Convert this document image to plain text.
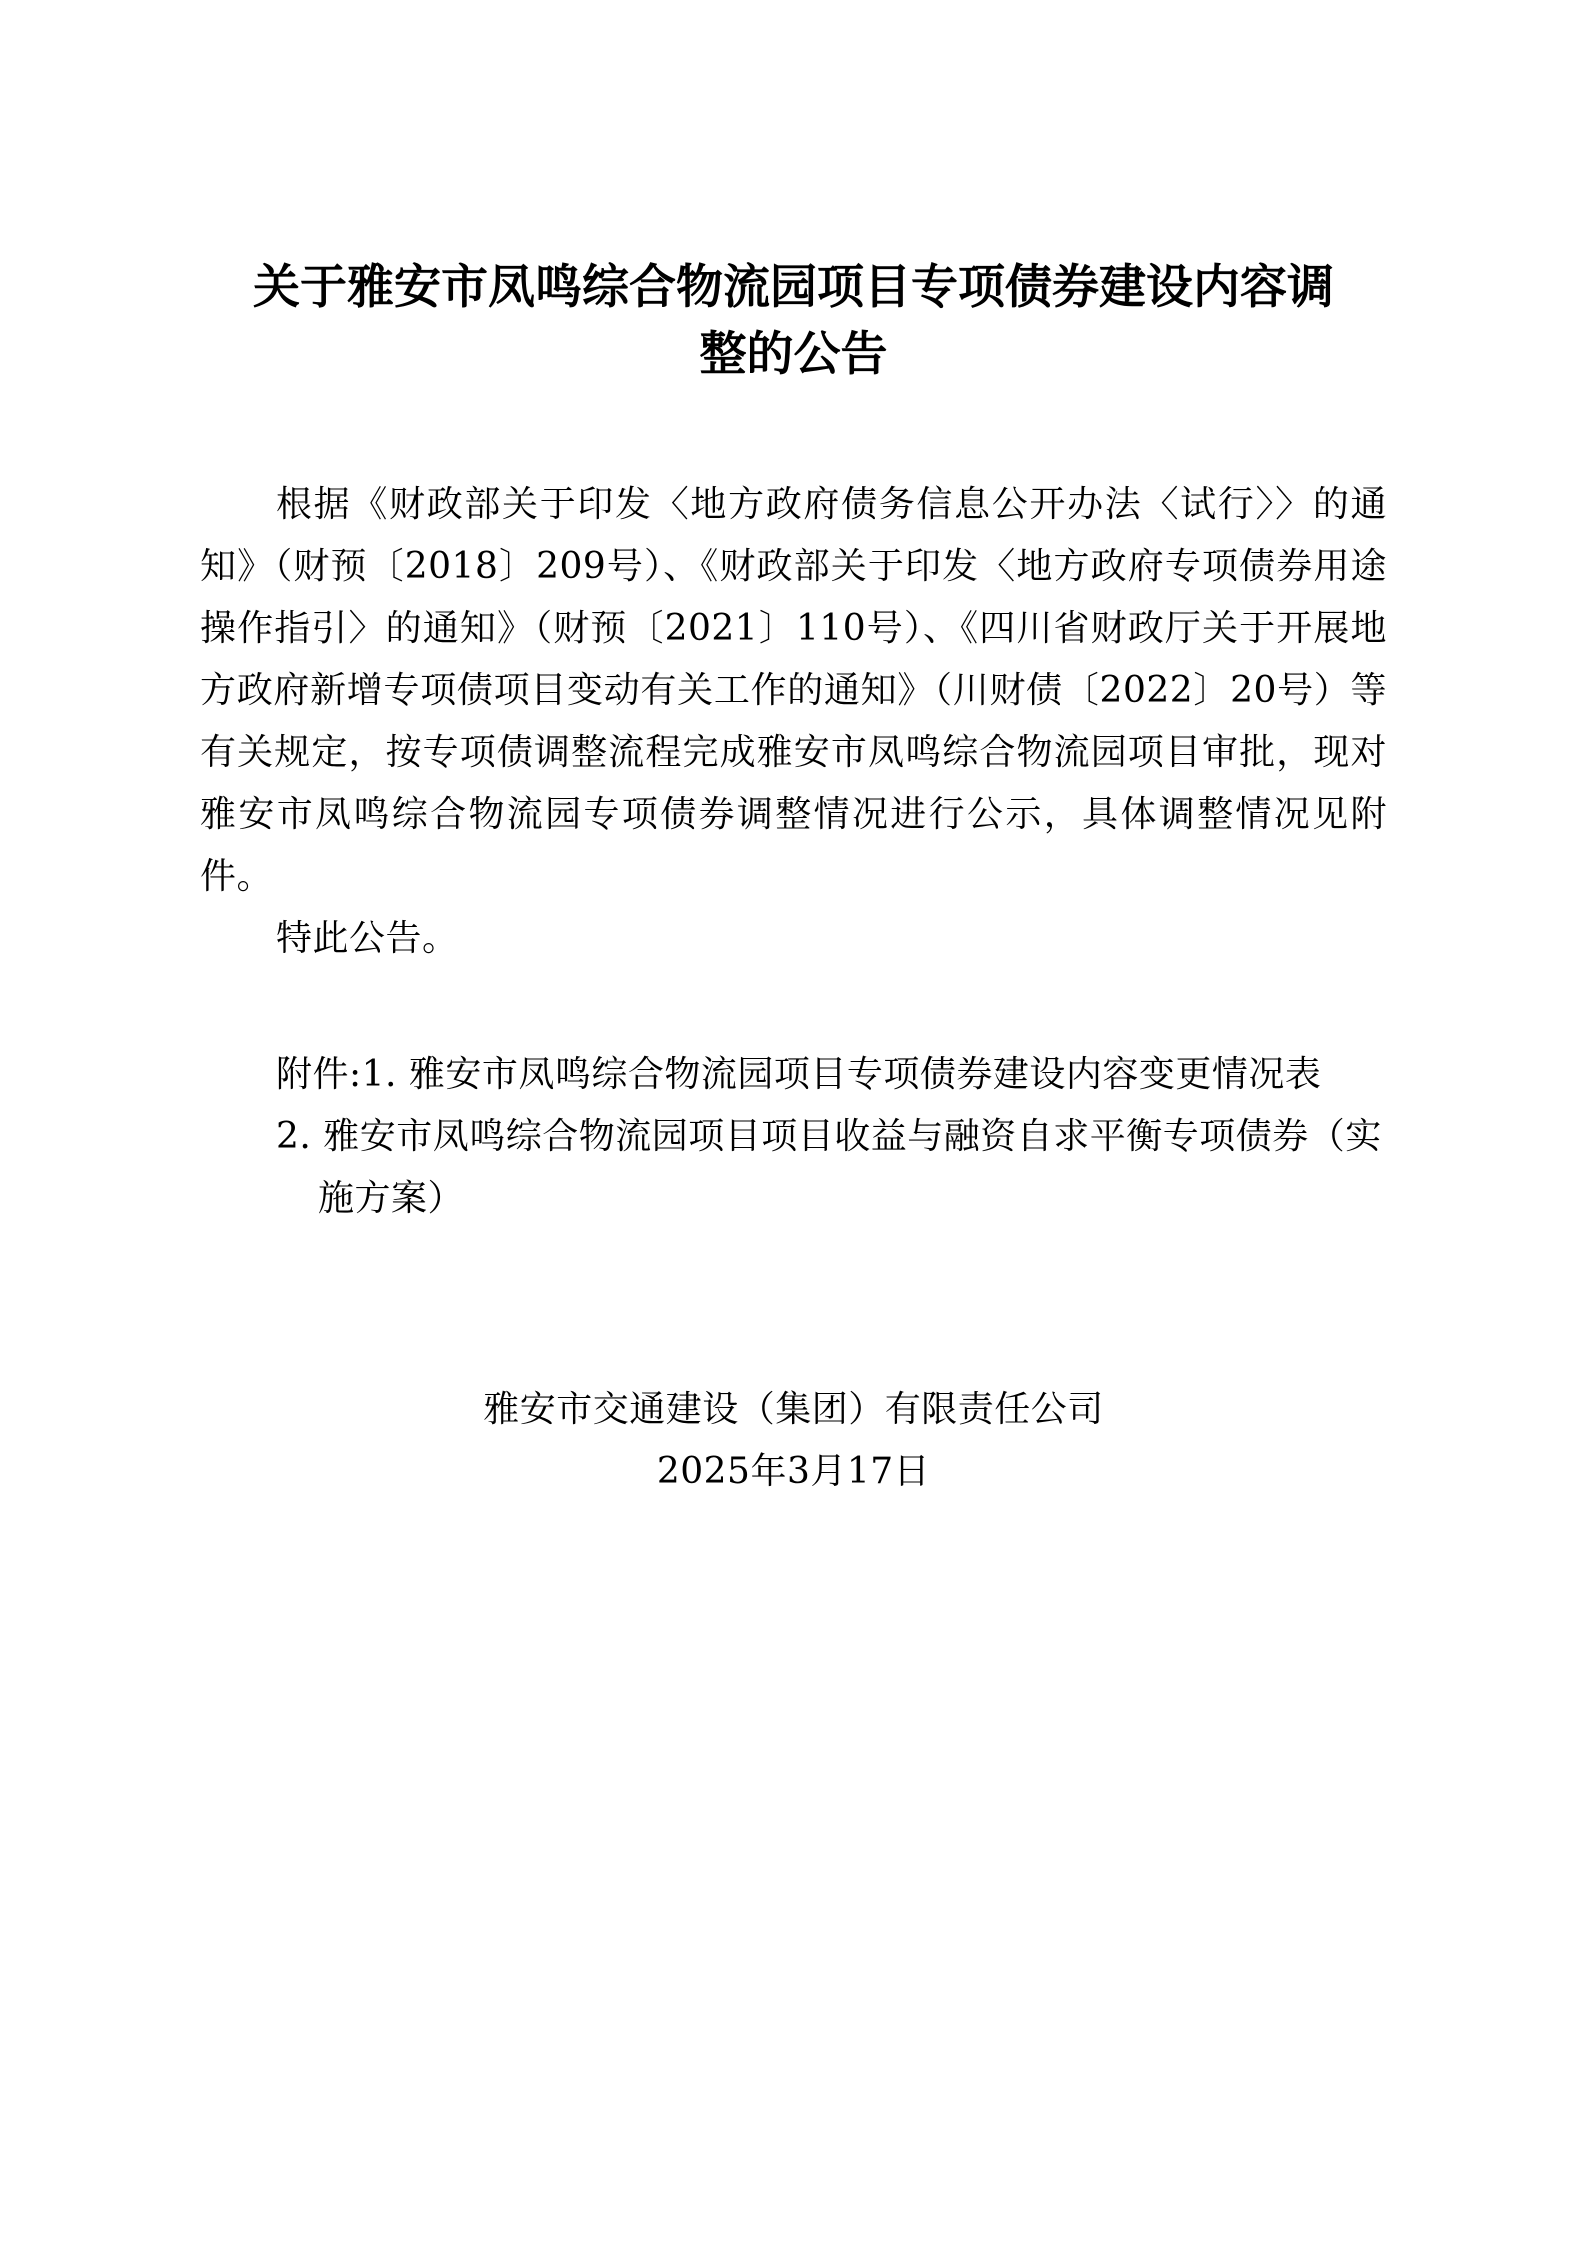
关于雅安市凤鸣综合物流园项目专项债券建设内容调整的公告

根据《财政部关于印发〈地方政府债务信息公开办法〈试行〉〉的通知》（财预〔2018〕209号）、《财政部关于印发〈地方政府专项债券用途操作指引〉的通知》（财预〔2021〕110号）、《四川省财政厅关于开展地方政府新增专项债项目变动有关工作的通知》（川财债〔2022〕20号）等有关规定，按专项债调整流程完成雅安市凤鸣综合物流园项目审批，现对雅安市凤鸣综合物流园专项债券调整情况进行公示，具体调整情况见附件。

特此公告。

附件: 1. 雅安市凤鸣综合物流园项目专项债券建设内容变更情况表
2. 雅安市凤鸣综合物流园项目项目收益与融资自求平衡专项债券（实施方案）
雅安市交通建设（集团）有限责任公司
2025年3月17日
